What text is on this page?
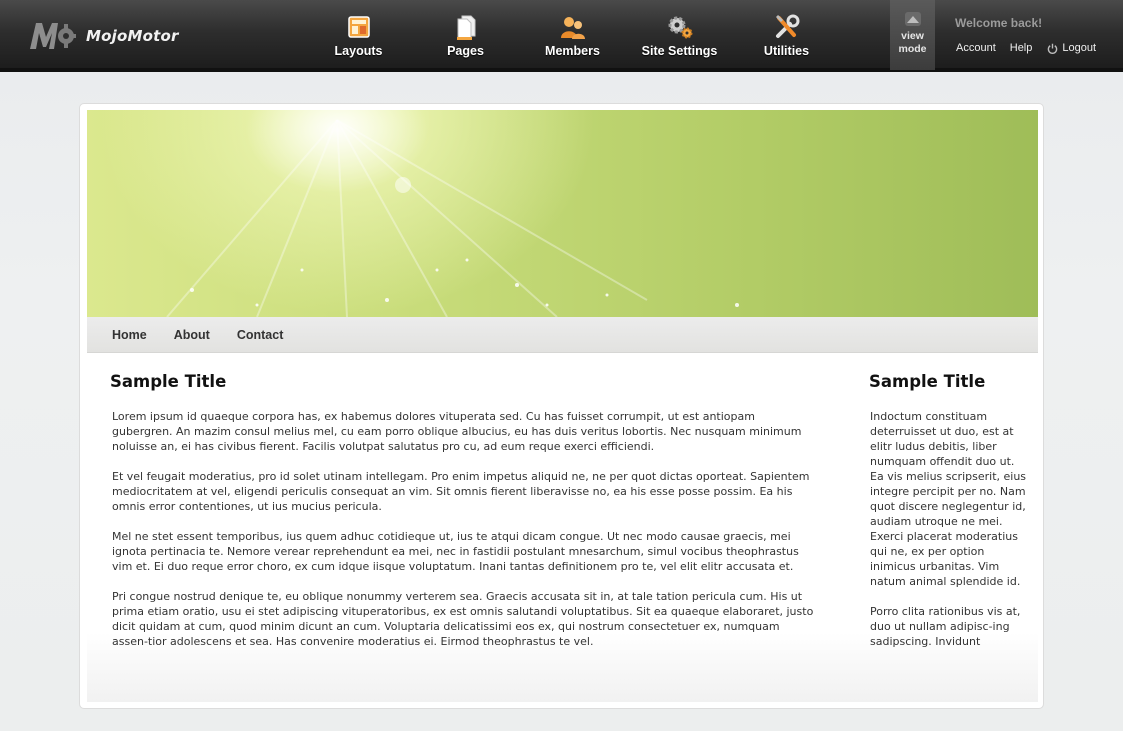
MojoMotor
Layouts	Pages	Members	Site Settings	Utilities
view
mode
Welcome back!
Account Help	Logout
Home About Contact
Sample Title

Lorem ipsum id quaeque corpora has, ex habemus dolores vituperata sed. Cu has fuisset corrumpit, ut est antiopam gubergren. An mazim consul melius mel, cu eam porro oblique albucius, eu has duis veritus lobortis. Nec nusquam minimum noluisse an, ei has civibus fierent. Facilis volutpat salutatus pro cu, ad eum reque exerci efficiendi.

Et vel feugait moderatius, pro id solet utinam intellegam. Pro enim impetus aliquid ne, ne per quot dictas oporteat. Sapientem mediocritatem at vel, eligendi periculis consequat an vim. Sit omnis fierent liberavisse no, ea his esse posse possim. Ea his omnis error contentiones, ut ius mucius pericula.

Mel ne stet essent temporibus, ius quem adhuc cotidieque ut, ius te atqui dicam congue. Ut nec modo causae graecis, mei ignota pertinacia te. Nemore verear reprehendunt ea mei, nec in fastidii postulant mnesarchum, simul vocibus theophrastus vim et. Ei duo reque error choro, ex cum idque iisque voluptatum. Inani tantas definitionem pro te, vel elit elitr accusata et.

Pri congue nostrud denique te, eu oblique nonummy verterem sea. Graecis accusata sit in, at tale tation pericula cum. His ut prima etiam oratio, usu ei stet adipiscing vituperatoribus, ex est omnis salutandi voluptatibus. Sit ea quaeque elaboraret, justo dicit quidam at cum, quod minim dicunt an cum. Voluptaria delicatissimi eos ex, qui nostrum consectetuer ex, numquam assen-tior adolescens et sea. Has convenire moderatius ei. Eirmod theophrastus te vel.

Sample Title

Indoctum constituam deterruisset ut duo, est at elitr ludus debitis, liber numquam offendit duo ut. Ea vis melius scripserit, eius integre percipit per no. Nam quot discere neglegentur id, audiam utroque ne mei. Exerci placerat moderatius qui ne, ex per option inimicus urbanitas. Vim natum animal splendide id.

Porro clita rationibus vis at, duo ut nullam adipisc-ing sadipscing. Invidunt
